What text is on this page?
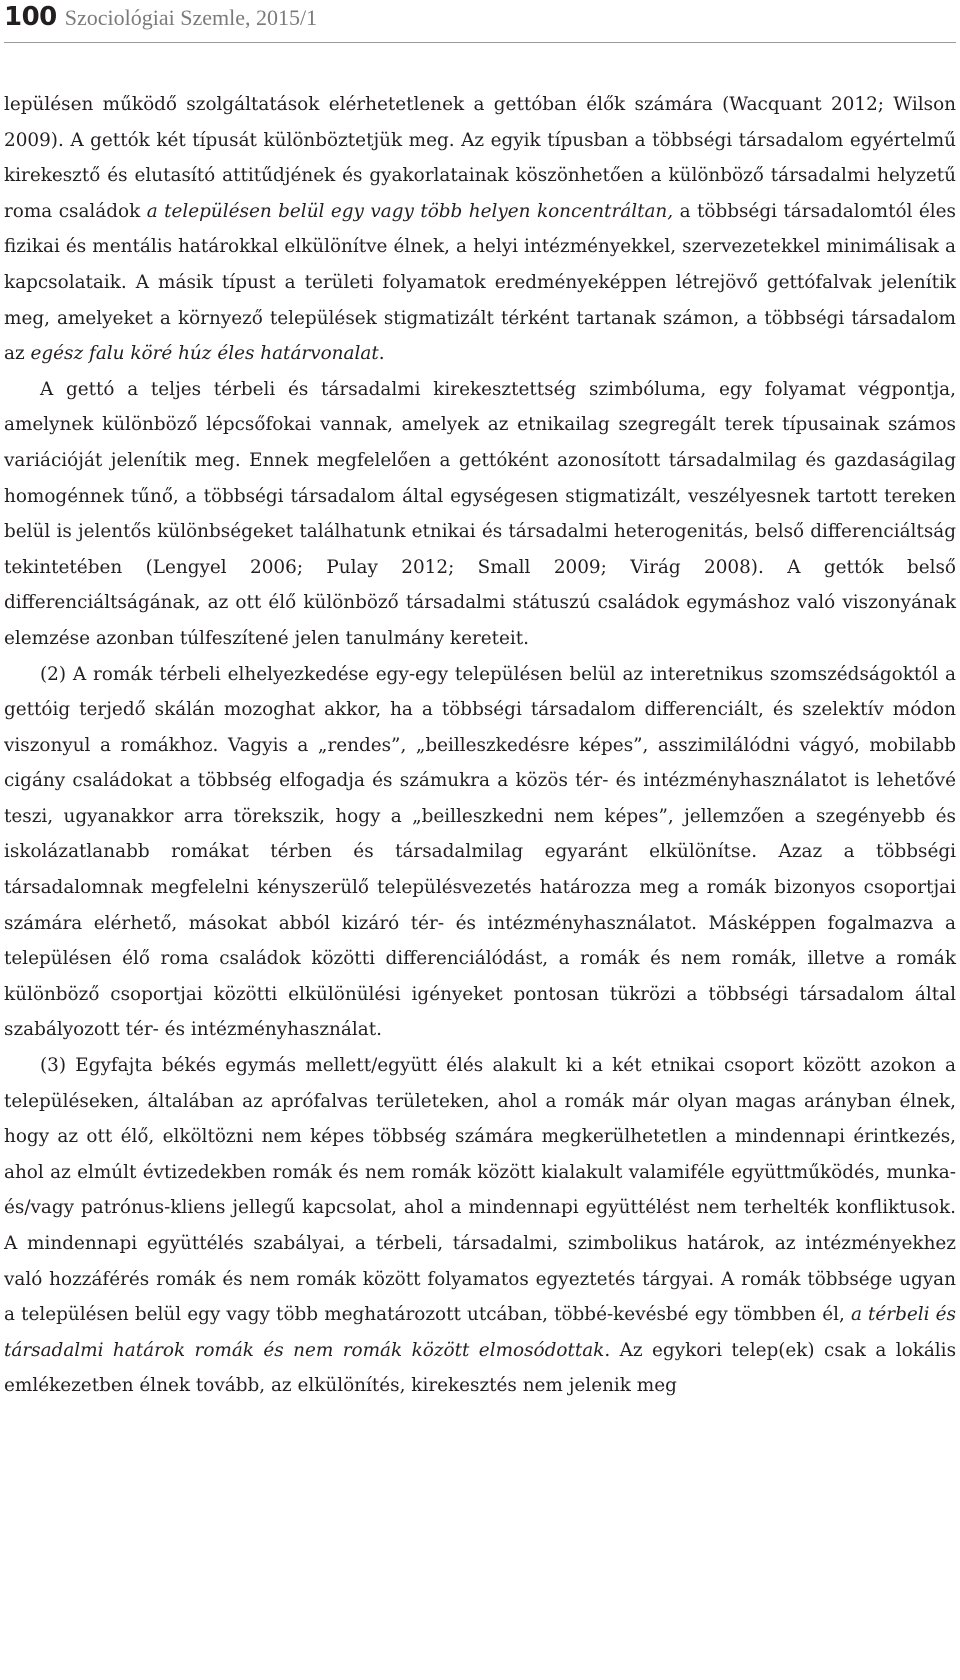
100 Szociológiai Szemle, 2015/1

lepülésen működő szolgáltatások elérhetetlenek a gettóban élők számára (Wacquant 2012; Wilson 2009). A gettók két típusát különböztetjük meg. Az egyik típusban a többségi társadalom egyértelmű kirekesztő és elutasító attitűdjének és gyakorlatainak köszönhetően a különböző társadalmi helyzetű roma családok a településen belül egy vagy több helyen koncentráltan, a többségi társadalomtól éles fizikai és mentális határokkal elkülönítve élnek, a helyi intézményekkel, szervezetekkel minimálisak a kapcsolataik. A másik típust a területi folyamatok eredményeképpen létrejövő gettófalvak jelenítik meg, amelyeket a környező települések stigmatizált térként tartanak számon, a többségi társadalom az egész falu köré húz éles határvonalat.

A gettó a teljes térbeli és társadalmi kirekesztettség szimbóluma, egy folyamat végpontja, amelynek különböző lépcsőfokai vannak, amelyek az etnikailag szegregált terek típusainak számos variációját jelenítik meg. Ennek megfelelően a gettóként azonosított társadalmilag és gazdaságilag homogénnek tűnő, a többségi társadalom által egységesen stigmatizált, veszélyesnek tartott tereken belül is jelentős különbségeket találhatunk etnikai és társadalmi heterogenitás, belső differenciáltság tekintetében (Lengyel 2006; Pulay 2012; Small 2009; Virág 2008). A gettók belső differenciáltságának, az ott élő különböző társadalmi státuszú családok egymáshoz való viszonyának elemzése azonban túlfeszítené jelen tanulmány kereteit.

(2) A romák térbeli elhelyezkedése egy-egy településen belül az interetnikus szomszédságoktól a gettóig terjedő skálán mozoghat akkor, ha a többségi társadalom differenciált, és szelektív módon viszonyul a romákhoz. Vagyis a „rendes”, „beilleszkedésre képes”, asszimilálódni vágyó, mobilabb cigány családokat a többség elfogadja és számukra a közös tér- és intézményhasználatot is lehetővé teszi, ugyanakkor arra törekszik, hogy a „beilleszkedni nem képes”, jellemzően a szegényebb és iskolázatlanabb romákat térben és társadalmilag egyaránt elkülönítse. Azaz a többségi társadalomnak megfelelni kényszerülő településvezetés határozza meg a romák bizonyos csoportjai számára elérhető, másokat abból kizáró tér- és intézményhasználatot. Másképpen fogalmazva a településen élő roma családok közötti differenciálódást, a romák és nem romák, illetve a romák különböző csoportjai közötti elkülönülési igényeket pontosan tükrözi a többségi társadalom által szabályozott tér- és intézményhasználat.

(3) Egyfajta békés egymás mellett/együtt élés alakult ki a két etnikai csoport között azokon a településeken, általában az aprófalvas területeken, ahol a romák már olyan magas arányban élnek, hogy az ott élő, elköltözni nem képes többség számára megkerülhetetlen a mindennapi érintkezés, ahol az elmúlt évtizedekben romák és nem romák között kialakult valamiféle együttműködés, munka- és/vagy patrónus-kliens jellegű kapcsolat, ahol a mindennapi együttélést nem terhelték konfliktusok. A mindennapi együttélés szabályai, a térbeli, társadalmi, szimbolikus határok, az intézményekhez való hozzáférés romák és nem romák között folyamatos egyeztetés tárgyai. A romák többsége ugyan a településen belül egy vagy több meghatározott utcában, többé-kevésbé egy tömbben él, a térbeli és társadalmi határok romák és nem romák között elmosódottak. Az egykori telep(ek) csak a lokális emlékezetben élnek tovább, az elkülönítés, kirekesztés nem jelenik meg
